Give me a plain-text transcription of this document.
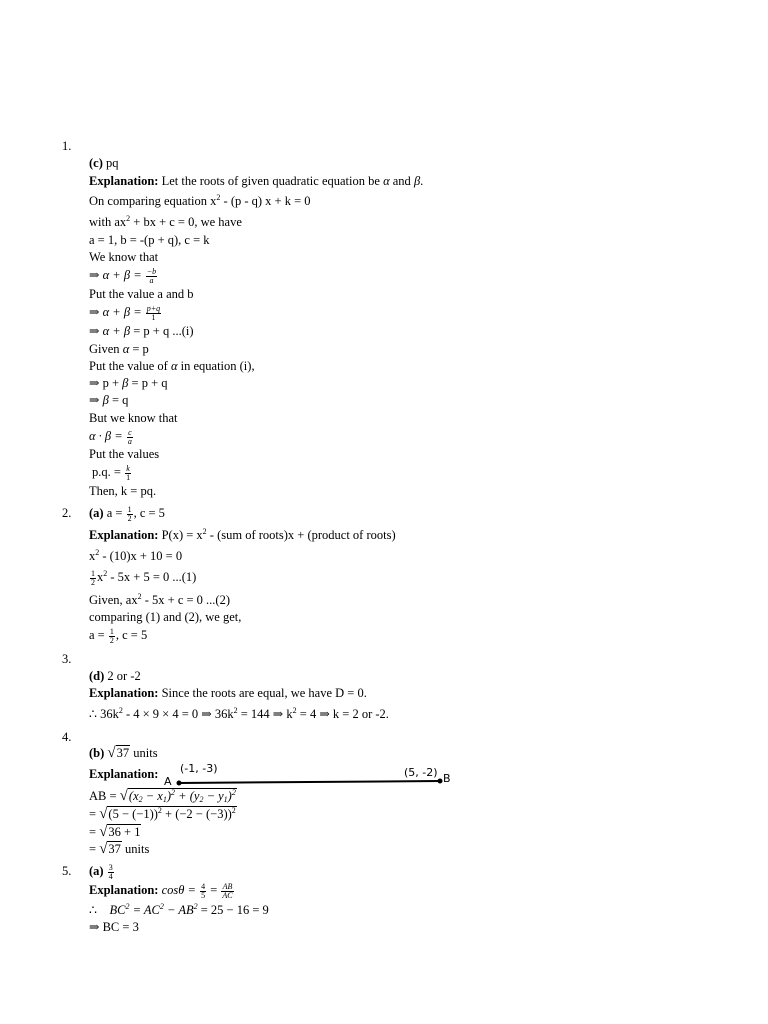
1.
(c) pq
Explanation: Let the roots of given quadratic equation be α and β.
On comparing equation $x^2 - (p - q) x + k = 0$
with $ax^2$ + bx + c = 0, we have
a = 1, b = -(p + q), c = k
We know that
⇒ $\alpha + \beta = \frac{-b}{a}$
Put the value a and b
⇒ $\alpha + \beta = \frac{p+q}{1}$
⇒ α + β = p + q ...(i)
Given α = p
Put the value of α in equation (i),
⇒ p + β = p + q
⇒ β = q
But we know that
$\alpha \cdot \beta = \frac{c}{a}$
Put the values
p.q. = $\frac{k}{1}$
Then, k = pq.
2. (a) $a = \frac{1}{2}$ , c = 5
Explanation: $P(x) = x^2 - (sum$ of roots)x + (product of roots)
$x^2 - (10)x + 10 = 0$
$\frac{1}{2} x^2 - 5x + 5 = 0$ ...(1)
Given, $ax^2 - 5x + c = 0$ ...(2)
comparing (1) and (2), we get,
$a = \frac{1}{2}$ , c = 5
3.
(d) 2 or -2
Explanation: Since the roots are equal, we have D = 0.
∴ $36k^2 - 4 \times 9 \times 4 = 0$ ⇒ $36k^2 = 144$ ⇒ $k^2 = 4$ ⇒ k = 2 or -2.
4.
(b) √37 units
Explanation: (-1, -3)
A
(5, -2) B
AB = $√(x_2 - x_1)^2 + (y_2 - y_1)^2$
= $√(5 - (-1))^2 + (-2 - (-3))^2$
= √36 + 1
= √37 units
5. $(a) \frac{3}{4}$
Explanation: $\cos\theta = \frac{4}{5} = \frac{AB}{AC}$
∴ $BC^2 = AC^2 - AB^2 = 25 - 16 = 9$
⇒ BC = 3
